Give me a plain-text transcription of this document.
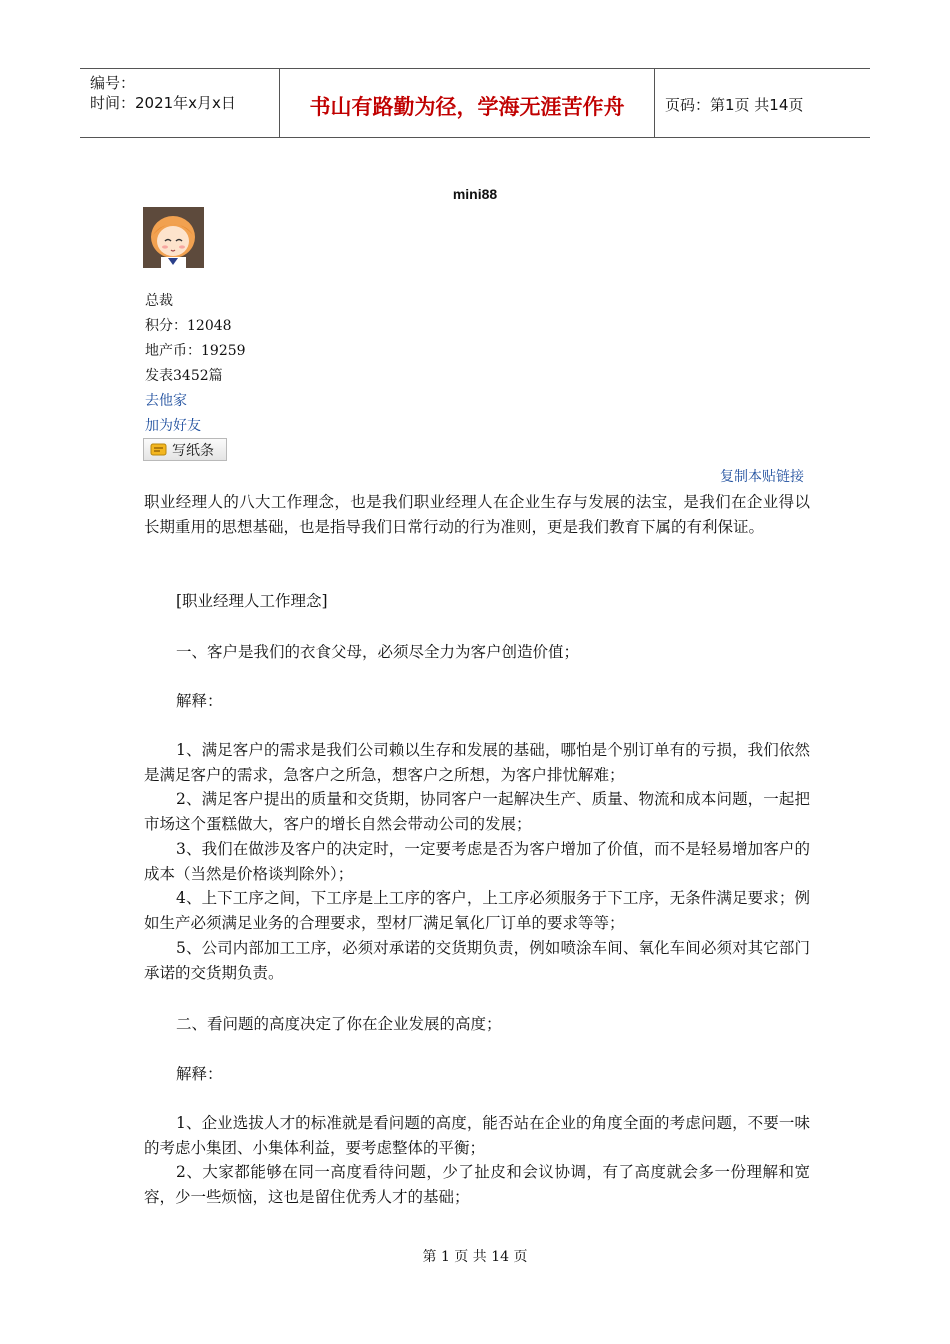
编号：
时间：2021年x月x日	书山有路勤为径，学海无涯苦作舟	页码：第1页 共14页
mini88
总裁
积分：12048
地产币：19259
发表3452篇
去他家
加为好友
写纸条
复制本贴链接
职业经理人的八大工作理念，也是我们职业经理人在企业生存与发展的法宝，是我们在企业得以长期重用的思想基础，也是指导我们日常行动的行为准则，更是我们教育下属的有利保证。
[职业经理人工作理念]
一、客户是我们的衣食父母，必须尽全力为客户创造价值；
解释：
1、满足客户的需求是我们公司赖以生存和发展的基础，哪怕是个别订单有的亏损，我们依然是满足客户的需求，急客户之所急，想客户之所想，为客户排忧解难；
2、满足客户提出的质量和交货期，协同客户一起解决生产、质量、物流和成本问题，一起把市场这个蛋糕做大，客户的增长自然会带动公司的发展；
3、我们在做涉及客户的决定时，一定要考虑是否为客户增加了价值，而不是轻易增加客户的成本（当然是价格谈判除外）；
4、上下工序之间，下工序是上工序的客户，上工序必须服务于下工序，无条件满足要求；例如生产必须满足业务的合理要求，型材厂满足氧化厂订单的要求等等；
5、公司内部加工工序，必须对承诺的交货期负责，例如喷涂车间、氧化车间必须对其它部门承诺的交货期负责。
二、看问题的高度决定了你在企业发展的高度；
解释：
1、企业选拔人才的标准就是看问题的高度，能否站在企业的角度全面的考虑问题，不要一味的考虑小集团、小集体利益，要考虑整体的平衡；
2、大家都能够在同一高度看待问题，少了扯皮和会议协调，有了高度就会多一份理解和宽容，少一些烦恼，这也是留住优秀人才的基础；
第 1 页 共 14 页
